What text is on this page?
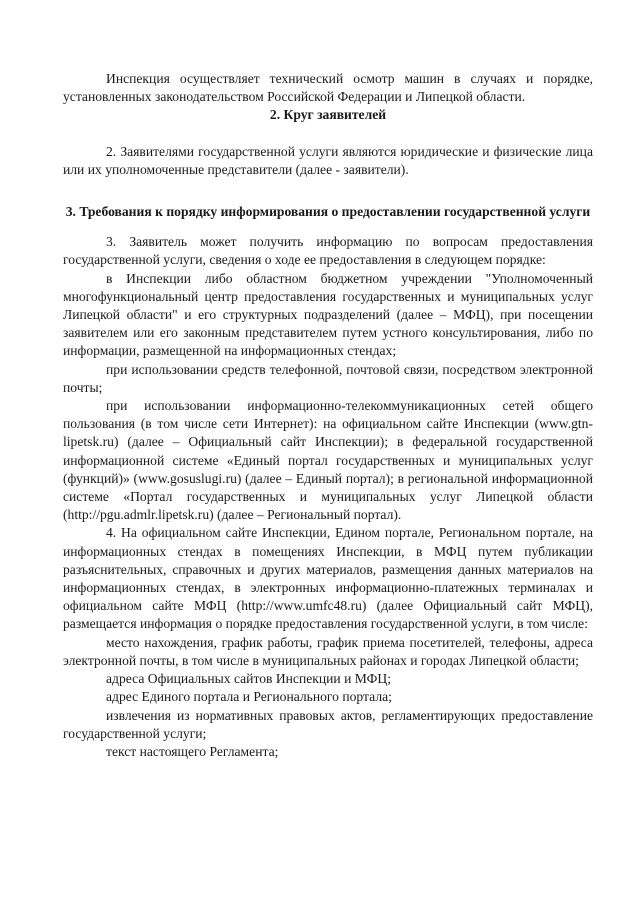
Инспекция осуществляет технический осмотр машин в случаях и порядке, установленных законодательством Российской Федерации и Липецкой области.

2. Круг заявителей

2. Заявителями государственной услуги являются юридические и физические лица или их уполномоченные представители (далее - заявители).

3. Требования к порядку информирования о предоставлении государственной услуги

3. Заявитель может получить информацию по вопросам предоставления государственной услуги, сведения о ходе ее предоставления в следующем порядке:

в Инспекции либо областном бюджетном учреждении "Уполномоченный многофункциональный центр предоставления государственных и муниципальных услуг Липецкой области" и его структурных подразделений (далее – МФЦ), при посещении заявителем или его законным представителем путем устного консультирования, либо по информации, размещенной на информационных стендах;

при использовании средств телефонной, почтовой связи, посредством электронной почты;

при использовании информационно-телекоммуникационных сетей общего пользования (в том числе сети Интернет): на официальном сайте Инспекции (www.gtn-lipetsk.ru) (далее – Официальный сайт Инспекции); в федеральной государственной информационной системе «Единый портал государственных и муниципальных услуг (функций)» (www.gosuslugi.ru) (далее – Единый портал); в региональной информационной системе «Портал государственных и муниципальных услуг Липецкой области (http://pgu.admlr.lipetsk.ru) (далее – Региональный портал).

4. На официальном сайте Инспекции, Едином портале, Региональном портале, на информационных стендах в помещениях Инспекции, в МФЦ путем публикации разъяснительных, справочных и других материалов, размещения данных материалов на информационных стендах, в электронных информационно-платежных терминалах и официальном сайте МФЦ (http://www.umfc48.ru) (далее Официальный сайт МФЦ), размещается информация о порядке предоставления государственной услуги, в том числе:

место нахождения, график работы, график приема посетителей, телефоны, адреса электронной почты, в том числе в муниципальных районах и городах Липецкой области;

адреса Официальных сайтов Инспекции и МФЦ;

адрес Единого портала и Регионального портала;

извлечения из нормативных правовых актов, регламентирующих предоставление государственной услуги;

текст настоящего Регламента;
